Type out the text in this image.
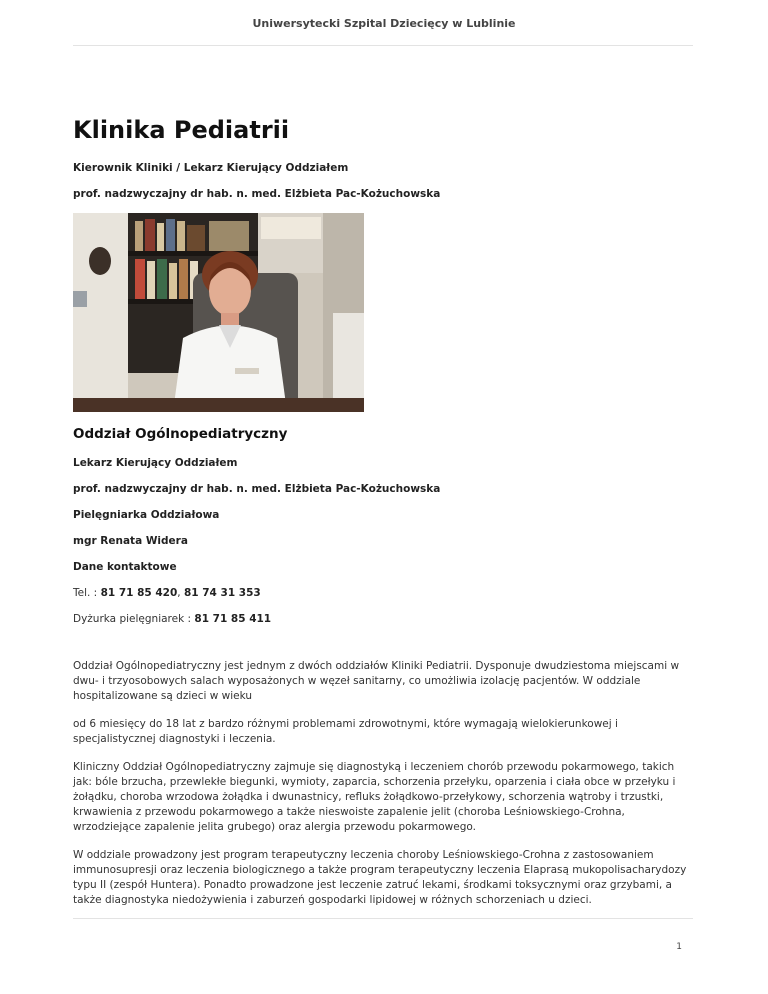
Uniwersytecki Szpital Dziecięcy w Lublinie
Klinika Pediatrii

Kierownik Kliniki / Lekarz Kierujący Oddziałem

prof. nadzwyczajny dr hab. n. med. Elżbieta Pac-Kożuchowska

Oddział Ogólnopediatryczny

Lekarz Kierujący Oddziałem

prof. nadzwyczajny dr hab. n. med. Elżbieta Pac-Kożuchowska

Pielęgniarka Oddziałowa

mgr Renata Widera

Dane kontaktowe

Tel. : 81 71 85 420, 81 74 31 353

Dyżurka pielęgniarek : 81 71 85 411

Oddział Ogólnopediatryczny jest jednym z dwóch oddziałów Kliniki Pediatrii. Dysponuje dwudziestoma miejscami w dwu- i trzyosobowych salach wyposażonych w węzeł sanitarny, co umożliwia izolację pacjentów. W oddziale hospitalizowane są dzieci w wieku

od 6 miesięcy do 18 lat z bardzo różnymi problemami zdrowotnymi, które wymagają wielokierunkowej i specjalistycznej diagnostyki i leczenia.

Kliniczny Oddział Ogólnopediatryczny zajmuje się diagnostyką i leczeniem chorób przewodu pokarmowego, takich jak: bóle brzucha, przewlekłe biegunki, wymioty, zaparcia, schorzenia przełyku, oparzenia i ciała obce w przełyku i żołądku, choroba wrzodowa żołądka i dwunastnicy, refluks żołądkowo-przełykowy, schorzenia wątroby i trzustki, krwawienia z przewodu pokarmowego a także nieswoiste zapalenie jelit (choroba Leśniowskiego-Crohna, wrzodziejące zapalenie jelita grubego) oraz alergia przewodu pokarmowego.

W oddziale prowadzony jest program terapeutyczny leczenia choroby Leśniowskiego-Crohna z zastosowaniem immunosupresji oraz leczenia biologicznego a także program terapeutyczny leczenia Elaprasą mukopolisacharydozy typu II (zespół Huntera). Ponadto prowadzone jest leczenie zatruć lekami, środkami toksycznymi oraz grzybami, a także diagnostyka niedożywienia i zaburzeń gospodarki lipidowej w różnych schorzeniach u dzieci.

1
